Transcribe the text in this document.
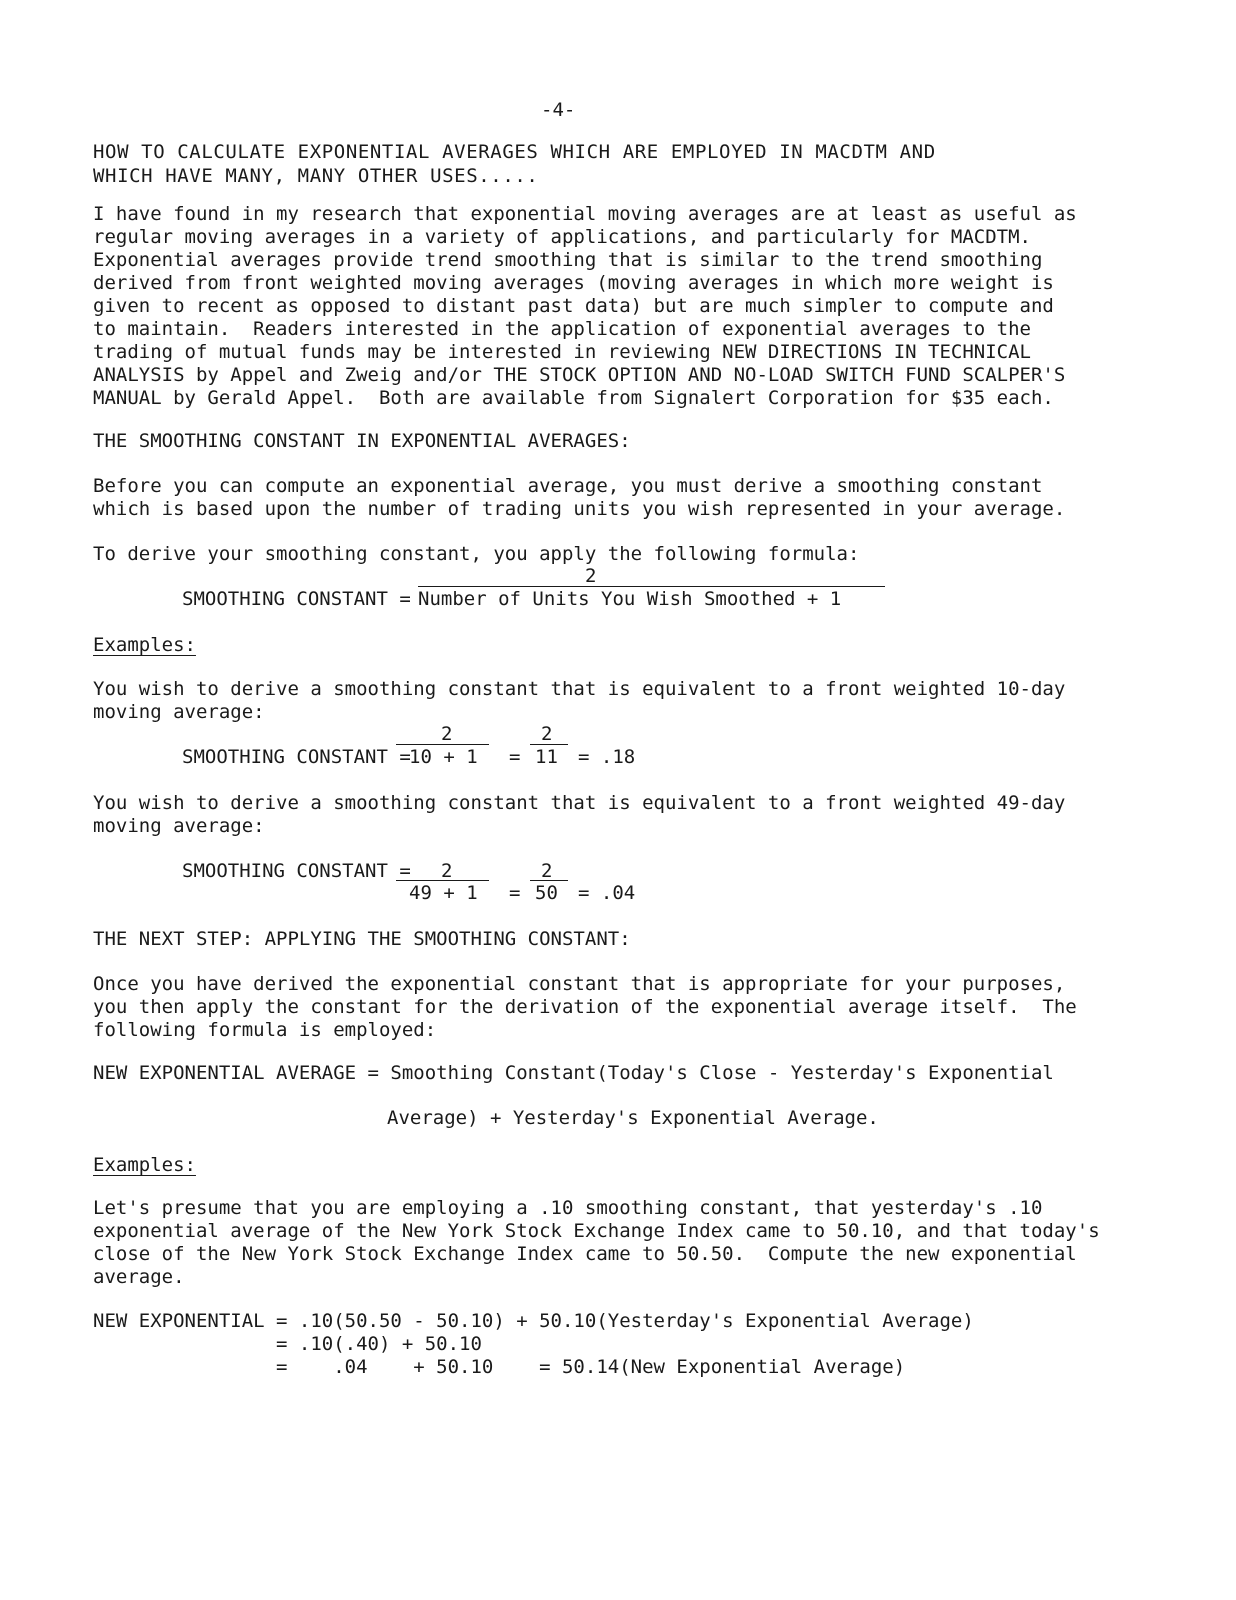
-4-
HOW TO CALCULATE EXPONENTIAL AVERAGES WHICH ARE EMPLOYED IN MACDTM AND
WHICH HAVE MANY, MANY OTHER USES.....
I have found in my research that exponential moving averages are at least as useful as
regular moving averages in a variety of applications, and particularly for MACDTM.
Exponential averages provide trend smoothing that is similar to the trend smoothing
derived from front weighted moving averages (moving averages in which more weight is
given to recent as opposed to distant past data) but are much simpler to compute and
to maintain.  Readers interested in the application of exponential averages to the
trading of mutual funds may be interested in reviewing NEW DIRECTIONS IN TECHNICAL
ANALYSIS by Appel and Zweig and/or THE STOCK OPTION AND NO-LOAD SWITCH FUND SCALPER'S
MANUAL by Gerald Appel.  Both are available from Signalert Corporation for $35 each.
THE SMOOTHING CONSTANT IN EXPONENTIAL AVERAGES:
Before you can compute an exponential average, you must derive a smoothing constant
which is based upon the number of trading units you wish represented in your average.
To derive your smoothing constant, you apply the following formula:
2
SMOOTHING CONSTANT =
Number of Units You Wish Smoothed + 1
Examples:
You wish to derive a smoothing constant that is equivalent to a front weighted 10-day
moving average:
2	2
SMOOTHING CONSTANT =
10 + 1 = 11 = .18
You wish to derive a smoothing constant that is equivalent to a front weighted 49-day
moving average:
SMOOTHING CONSTANT = 2	2
49 + 1 = 50 = .04
THE NEXT STEP: APPLYING THE SMOOTHING CONSTANT:
Once you have derived the exponential constant that is appropriate for your purposes,
you then apply the constant for the derivation of the exponential average itself.  The
following formula is employed:
NEW EXPONENTIAL AVERAGE = Smoothing Constant(Today's Close - Yesterday's Exponential
Average) + Yesterday's Exponential Average.
Examples:
Let's presume that you are employing a .10 smoothing constant, that yesterday's .10
exponential average of the New York Stock Exchange Index came to 50.10, and that today's
close of the New York Stock Exchange Index came to 50.50.  Compute the new exponential
average.
NEW EXPONENTIAL = .10(50.50 - 50.10) + 50.10(Yesterday's Exponential Average)
= .10(.40) + 50.10
=    .04    + 50.10    = 50.14(New Exponential Average)
